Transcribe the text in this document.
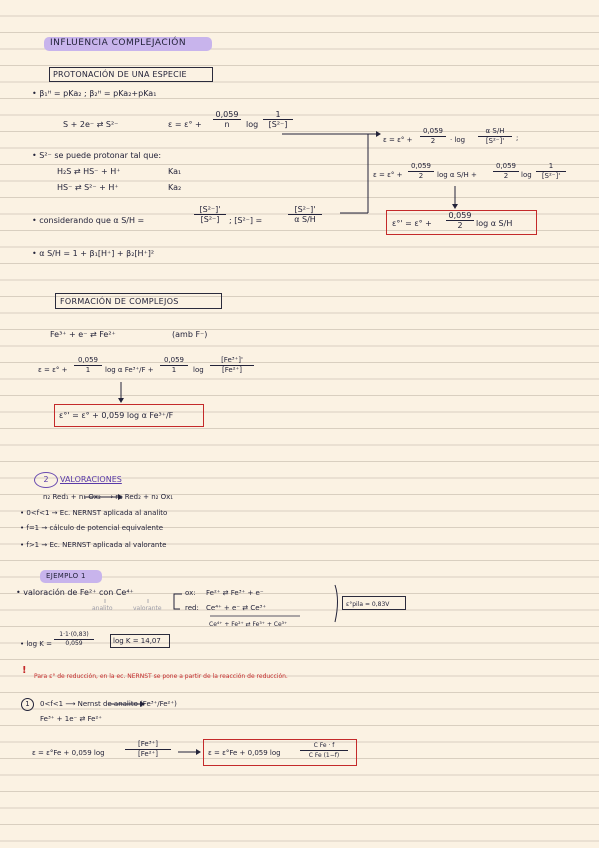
INFLUENCIA COMPLEJACIÓN
PROTONACIÓN DE UNA ESPECIE
• β₁ᴴ = pKa₂ ; β₂ᴴ = pKa₂+pKa₁
S + 2e⁻ ⇄ S²⁻	$\varepsilon = \varepsilon^\circ + \frac{0,059}{n}$ $\log \frac{1}{\text{[S²⁻]}}$
$\varepsilon = \varepsilon^\circ + \frac{0,059}{2} \cdot \log \frac{\text{α S/H}}{\text{[S²⁻]'}}$ ;
• S²⁻ se puede protonar tal que:
H₂S ⇄ HS⁻ + H⁺	Ka₁
HS⁻ ⇄ S²⁻ + H⁺	Ka₂
$\varepsilon = \varepsilon^\circ + \frac{0,059}{2}$ log α $S/H + \frac{0,059}{2}$ $\log \frac{1}{\text{[S²⁻]'}}$
• considerando que α S/H =	$\frac{\text{[S²⁻]'}}{\text{[S²⁻]}}$ ; [S²⁻] =	$\frac{\text{[S²⁻]'}}{\text{α S/H}}$	$\varepsilon^\circ' = \varepsilon^\circ + \frac{0,059}{2}$ log α S/H
• α S/H = 1 + β₁[H⁺] + β₂[H⁺]²
FORMACIÓN DE COMPLEJOS
Fe³⁺ + e⁻ ⇄ Fe²⁺	(amb F⁻)
$\varepsilon = \varepsilon^\circ + \frac{0,059}{1}$ log α $Fe^{3+}/F + \frac{0,059}{1}$ $\log \frac{\text{[Fe³⁺]'}}{\text{[Fe²⁺]}}$
ε°' = ε° + 0,059 log α Fe³⁺/F
2	VALORACIONES
n₂ Red₁ + n₁ Ox₂ ⟶ n₁ Red₂ + n₂ Ox₁
• 0<f<1 → Ec. NERNST aplicada al analito
• f=1 → cálculo de potencial equivalente
• f>1 → Ec. NERNST aplicada al valorante
EJEMPLO 1
• valoración de Fe²⁺ con Ce⁴⁺
analito	valorante
ox: Fe²⁺ ⇄ Fe³⁺ + e⁻
red: Ce⁴⁺ + e⁻ ⇄ Ce³⁺
Ce⁴⁺ + Fe²⁺ ⇄ Fe³⁺ + Ce³⁺
ε°pila = 0,83V
• $\log K = \frac{1\cdot 1\cdot(0,83)}{0,059}$	log K = 14,07
!
Para ε° de reducción, en la ec. NERNST se pone a partir de la reacción de reducción.
1	0<f<1 ⟶ Nernst de analito (Fe³⁺/Fe²⁺)
Fe³⁺ + 1e⁻ ⇄ Fe²⁺
ε = ε°Fe + 0,059 log	$\frac{\text{[Fe³⁺]}}{\text{[Fe²⁺]}}$	ε = ε°Fe + 0,059 log	$\frac{\text{C Fe · f}}{\text{C Fe (1−f)}}$
